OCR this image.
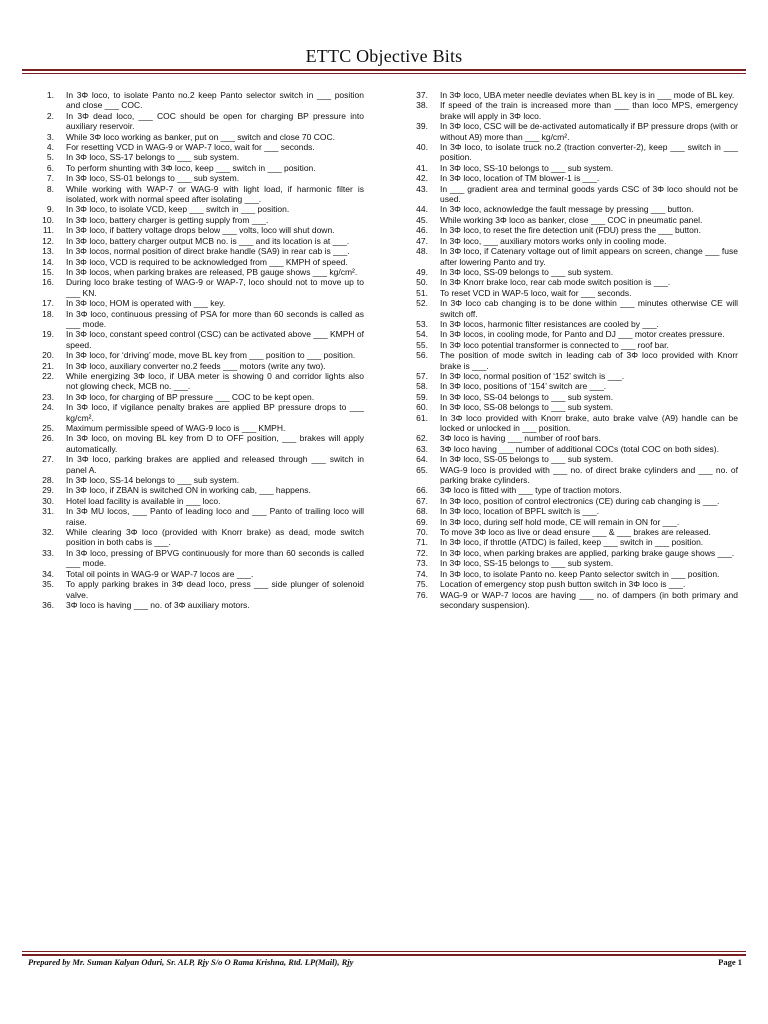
ETTC Objective Bits
1.	In 3Φ loco, to isolate Panto no.2 keep Panto selector switch in ___ position and close ___ COC.
2.	In 3Φ dead loco, ___ COC should be open for charging BP pressure into auxiliary reservoir.
3.	While 3Φ loco working as banker, put on ___ switch and close 70 COC.
4.	For resetting VCD in WAG-9 or WAP-7 loco, wait for ___ seconds.
5.	In 3Φ loco, SS-17 belongs to ___ sub system.
6.	To perform shunting with 3Φ loco, keep ___ switch in ___ position.
7.	In 3Φ loco, SS-01 belongs to ___ sub system.
8.	While working with WAP-7 or WAG-9 with light load, if harmonic filter is isolated, work with normal speed after isolating ___.
9.	In 3Φ loco, to isolate VCD, keep ___ switch in ___ position.
10.	In 3Φ loco, battery charger is getting supply from ___.
11.	In 3Φ loco, if battery voltage drops below ___ volts, loco will shut down.
12.	In 3Φ loco, battery charger output MCB no. is ___ and its location is at ___.
13.	In 3Φ locos, normal position of direct brake handle (SA9) in rear cab is ___.
14.	In 3Φ loco, VCD is required to be acknowledged from ___ KMPH of speed.
15.	In 3Φ locos, when parking brakes are released, PB gauge shows ___ kg/cm².
16.	During loco brake testing of WAG-9 or WAP-7, loco should not to move up to ___ KN.
17.	In 3Φ loco, HOM is operated with ___ key.
18.	In 3Φ loco, continuous pressing of PSA for more than 60 seconds is called as ___ mode.
19.	In 3Φ loco, constant speed control (CSC) can be activated above ___ KMPH of speed.
20.	In 3Φ loco, for ‘driving’ mode, move BL key from ___ position to ___ position.
21.	In 3Φ loco, auxiliary converter no.2 feeds ___ motors (write any two).
22.	While energizing 3Φ loco, if UBA meter is showing 0 and corridor lights also not glowing check, MCB no. ___.
23.	In 3Φ loco, for charging of BP pressure ___ COC to be kept open.
24.	In 3Φ loco, if vigilance penalty brakes are applied BP pressure drops to ___ kg/cm².
25.	Maximum permissible speed of WAG-9 loco is ___ KMPH.
26.	In 3Φ loco, on moving BL key from D to OFF position, ___ brakes will apply automatically.
27.	In 3Φ loco, parking brakes are applied and released through ___ switch in panel A.
28.	In 3Φ loco, SS-14 belongs to ___ sub system.
29.	In 3Φ loco, if ZBAN is switched ON in working cab, ___ happens.
30.	Hotel load facility is available in ___ loco.
31.	In 3Φ MU locos, ___ Panto of leading loco and ___ Panto of trailing loco will raise.
32.	While clearing 3Φ loco (provided with Knorr brake) as dead, mode switch position in both cabs is ___.
33.	In 3Φ loco, pressing of BPVG continuously for more than 60 seconds is called ___ mode.
34.	Total oil points in WAG-9 or WAP-7 locos are ___.
35.	To apply parking brakes in 3Φ dead loco, press ___ side plunger of solenoid valve.
36.	3Φ loco is having ___ no. of 3Φ auxiliary motors.
37.	In 3Φ loco, UBA meter needle deviates when BL key is in ___ mode of BL key.
38.	If speed of the train is increased more than ___ than loco MPS, emergency brake will apply in 3Φ loco.
39.	In 3Φ loco, CSC will be de-activated automatically if BP pressure drops (with or without A9) more than ___ kg/cm².
40.	In 3Φ loco, to isolate truck no.2 (traction converter-2), keep ___ switch in ___ position.
41.	In 3Φ loco, SS-10 belongs to ___ sub system.
42.	In 3Φ loco, location of TM blower-1 is ___.
43.	In ___ gradient area and terminal goods yards CSC of 3Φ loco should not be used.
44.	In 3Φ loco, acknowledge the fault message by pressing ___ button.
45.	While working 3Φ loco as banker, close ___ COC in pneumatic panel.
46.	In 3Φ loco, to reset the fire detection unit (FDU) press the ___ button.
47.	In 3Φ loco, ___ auxiliary motors works only in cooling mode.
48.	In 3Φ loco, if Catenary voltage out of limit appears on screen, change ___ fuse after lowering Panto and try.
49.	In 3Φ loco, SS-09 belongs to ___ sub system.
50.	In 3Φ Knorr brake loco, rear cab mode switch position is ___.
51.	To reset VCD in WAP-5 loco, wait for ___ seconds.
52.	In 3Φ loco cab changing is to be done within ___ minutes otherwise CE will switch off.
53.	In 3Φ locos, harmonic filter resistances are cooled by ___.
54.	In 3Φ locos, in cooling mode, for Panto and DJ ___ motor creates pressure.
55.	In 3Φ loco potential transformer is connected to ___ roof bar.
56.	The position of mode switch in leading cab of 3Φ loco provided with Knorr brake is ___.
57.	In 3Φ loco, normal position of ‘152’ switch is ___.
58.	In 3Φ loco, positions of ‘154’ switch are ___.
59.	In 3Φ loco, SS-04 belongs to ___ sub system.
60.	In 3Φ loco, SS-08 belongs to ___ sub system.
61.	In 3Φ loco provided with Knorr brake, auto brake valve (A9) handle can be locked or unlocked in ___ position.
62.	3Φ loco is having ___ number of roof bars.
63.	3Φ loco having ___ number of additional COCs (total COC on both sides).
64.	In 3Φ loco, SS-05 belongs to ___ sub system.
65.	WAG-9 loco is provided with ___ no. of direct brake cylinders and ___ no. of parking brake cylinders.
66.	3Φ loco is fitted with ___ type of traction motors.
67.	In 3Φ loco, position of control electronics (CE) during cab changing is ___.
68.	In 3Φ loco, location of BPFL switch is ___.
69.	In 3Φ loco, during self hold mode, CE will remain in ON for ___.
70.	To move 3Φ loco as live or dead ensure ___ & ___ brakes are released.
71.	In 3Φ loco, if throttle (ATDC) is failed, keep ___ switch in ___ position.
72.	In 3Φ loco, when parking brakes are applied, parking brake gauge shows ___.
73.	In 3Φ loco, SS-15 belongs to ___ sub system.
74.	In 3Φ loco, to isolate Panto no. keep Panto selector switch in ___ position.
75.	Location of emergency stop push button switch in 3Φ loco is ___.
76.	WAG-9 or WAP-7 locos are having ___ no. of dampers (in both primary and secondary suspension).
Prepared by Mr. Suman Kalyan Oduri, Sr. ALP, Rjy S/o O Rama Krishna, Rtd. LP(Mail), Rjy	Page 1
